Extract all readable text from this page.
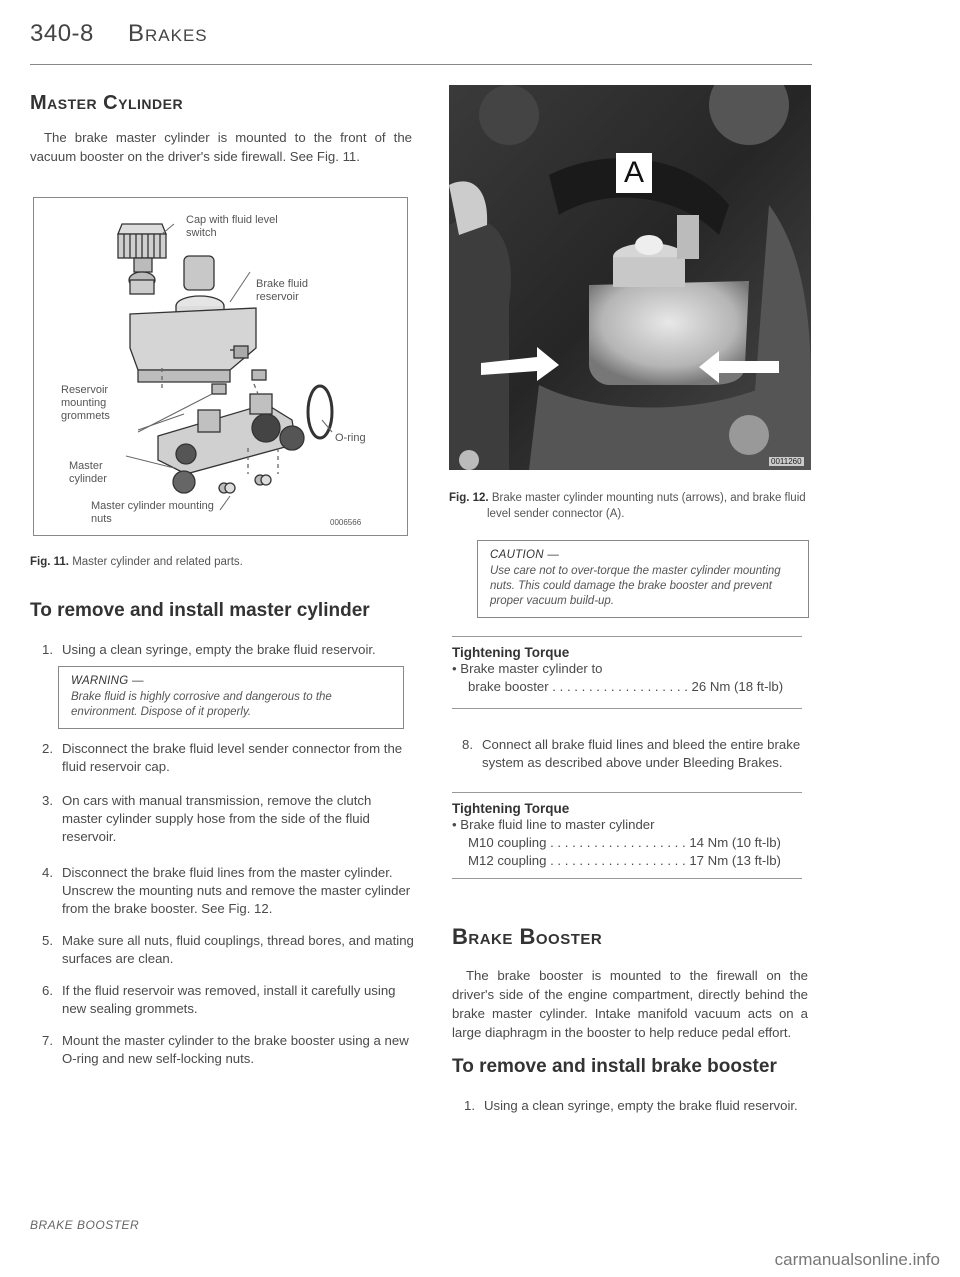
340-8 Brakes
Master Cylinder
The brake master cylinder is mounted to the front of the vacuum booster on the driver's side firewall. See Fig. 11.
Cap with fluid level switch
Brake fluid reservoir
Reservoir mounting grommets
O-ring
Master cylinder
Master cylinder mounting nuts	0006566
Fig. 11. Master cylinder and related parts.
To remove and install master cylinder
1. Using a clean syringe, empty the brake fluid reservoir.
WARNING —
Brake fluid is highly corrosive and dangerous to the environment. Dispose of it properly.
2. Disconnect the brake fluid level sender connector from the fluid reservoir cap.
3. On cars with manual transmission, remove the clutch master cylinder supply hose from the side of the fluid reservoir.
4. Disconnect the brake fluid lines from the master cylinder. Unscrew the mounting nuts and remove the master cylinder from the brake booster. See Fig. 12.
5. Make sure all nuts, fluid couplings, thread bores, and mating surfaces are clean.
6. If the fluid reservoir was removed, install it carefully using new sealing grommets.
7. Mount the master cylinder to the brake booster using a new O-ring and new self-locking nuts.
A
0011260
Fig. 12. Brake master cylinder mounting nuts (arrows), and brake fluid level sender connector (A).
CAUTION —
Use care not to over-torque the master cylinder mounting nuts. This could damage the brake booster and prevent proper vacuum build-up.
Tightening Torque
• Brake master cylinder to
brake booster . . . . . . . . . . . . . . . . . . . 26 Nm (18 ft-lb)
8. Connect all brake fluid lines and bleed the entire brake system as described above under Bleeding Brakes.
Tightening Torque
• Brake fluid line to master cylinder
M10 coupling . . . . . . . . . . . . . . . . . . . 14 Nm (10 ft-lb)
M12 coupling . . . . . . . . . . . . . . . . . . . 17 Nm (13 ft-lb)
Brake Booster
The brake booster is mounted to the firewall on the driver's side of the engine compartment, directly behind the brake master cylinder. Intake manifold vacuum acts on a large diaphragm in the booster to help reduce pedal effort.
To remove and install brake booster
1. Using a clean syringe, empty the brake fluid reservoir.
BRAKE BOOSTER
carmanualsonline.info
